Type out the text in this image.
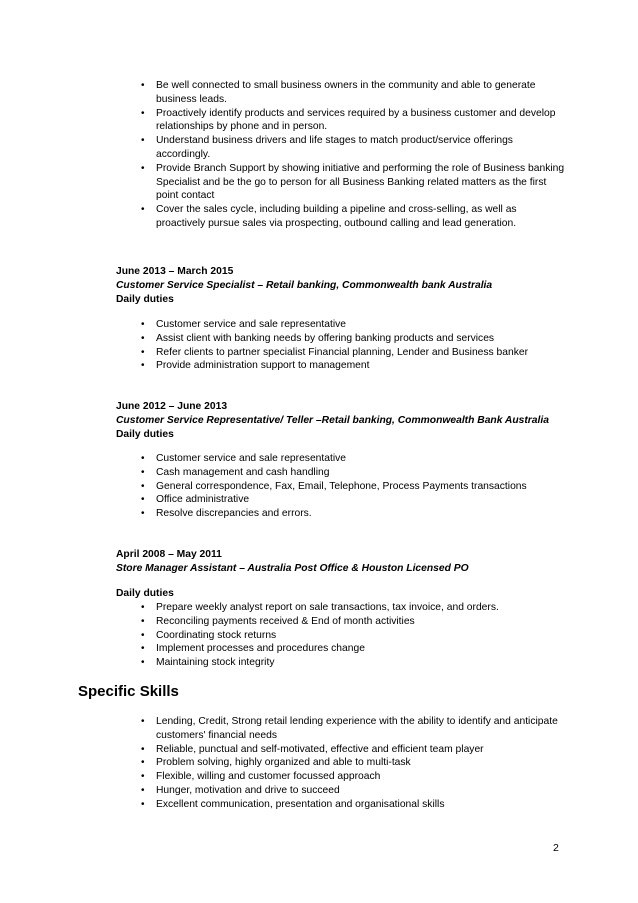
• Be well connected to small business owners in the community and able to generate business leads.
• Proactively identify products and services required by a business customer and develop relationships by phone and in person.
• Understand business drivers and life stages to match product/service offerings accordingly.
• Provide Branch Support by showing initiative and performing the role of Business banking Specialist and be the go to person for all Business Banking related matters as the first point contact
• Cover the sales cycle, including building a pipeline and cross-selling, as well as proactively pursue sales via prospecting, outbound calling and lead generation.
June 2013 – March 2015
Customer Service Specialist – Retail banking, Commonwealth bank Australia
Daily duties
• Customer service and sale representative
• Assist client with banking needs by offering banking products and services
• Refer clients to partner specialist Financial planning, Lender and Business banker
• Provide administration support to management
June 2012 – June 2013
Customer Service Representative/ Teller –Retail banking, Commonwealth Bank Australia
Daily duties
• Customer service and sale representative
• Cash management and cash handling
• General correspondence, Fax, Email, Telephone, Process Payments transactions
• Office administrative
• Resolve discrepancies and errors.
April 2008 – May 2011
Store Manager Assistant – Australia Post Office & Houston Licensed PO
Daily duties
• Prepare weekly analyst report on sale transactions, tax invoice, and orders.
• Reconciling payments received & End of month activities
• Coordinating stock returns
• Implement processes and procedures change
• Maintaining stock integrity
Specific Skills
• Lending, Credit, Strong retail lending experience with the ability to identify and anticipate customers' financial needs
• Reliable, punctual and self-motivated, effective and efficient team player
• Problem solving, highly organized and able to multi-task
• Flexible, willing and customer focussed approach
• Hunger, motivation and drive to succeed
• Excellent communication, presentation and organisational skills
2
